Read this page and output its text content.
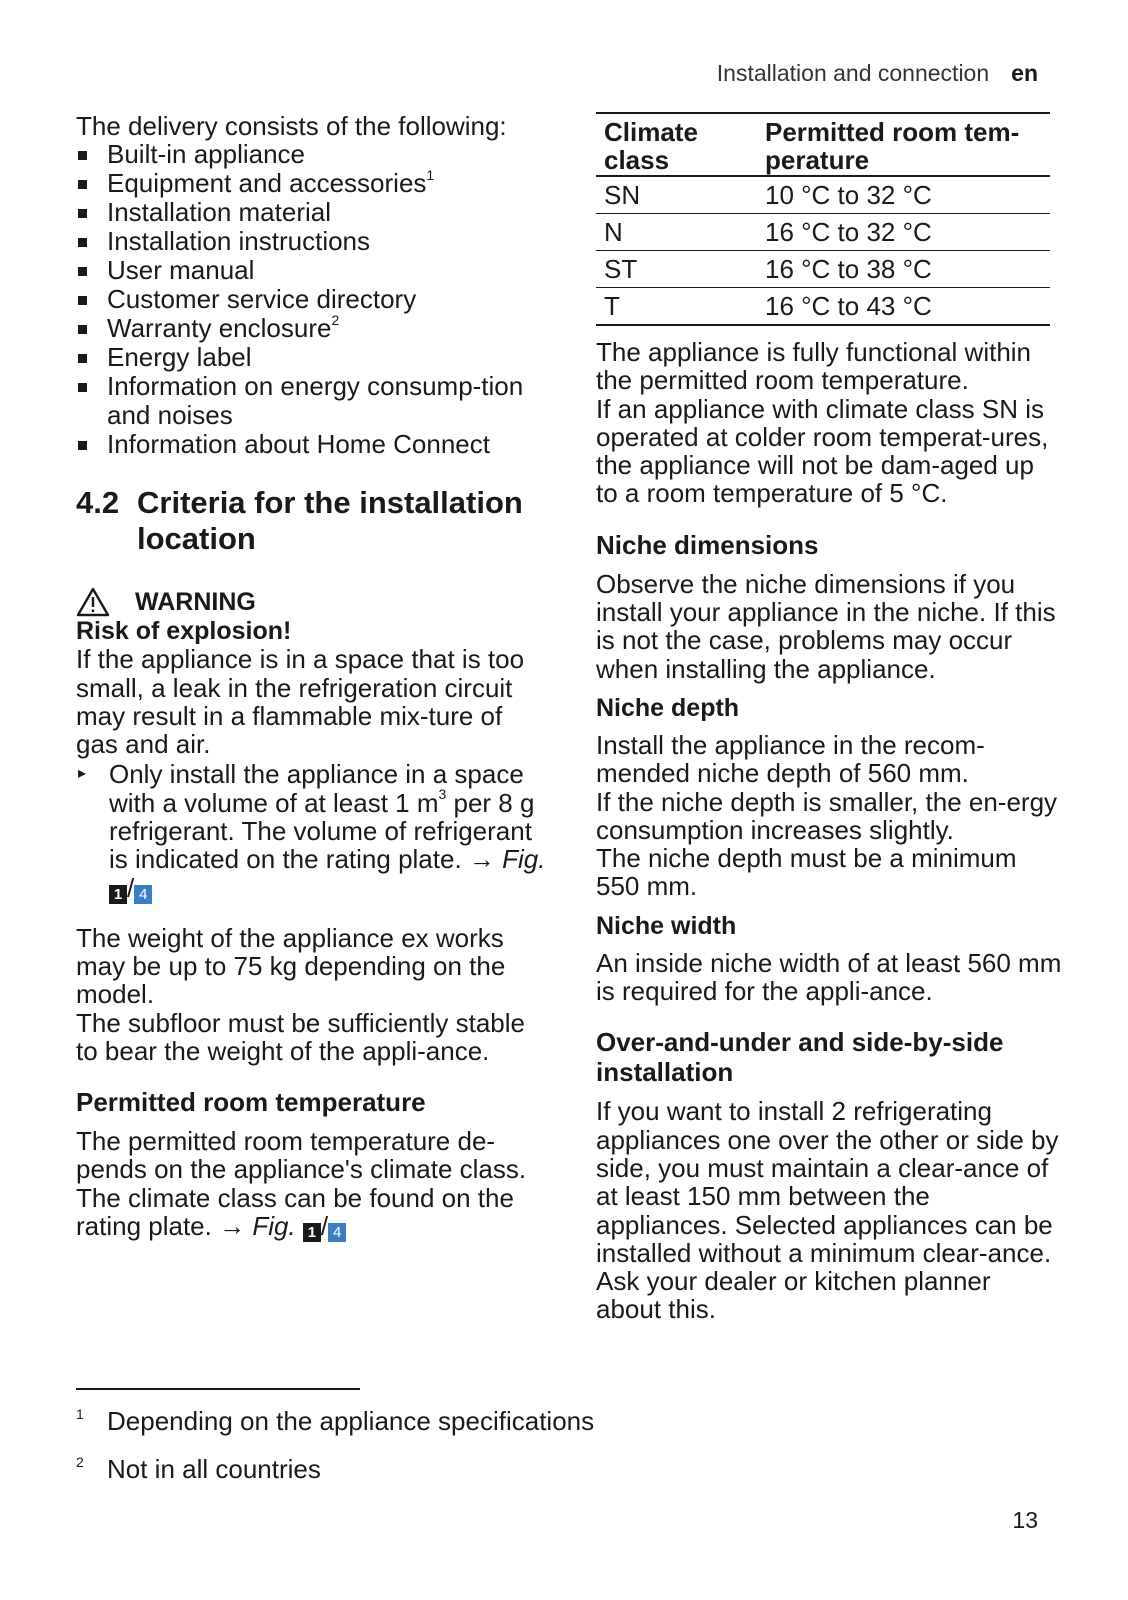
Installation and connection en

The delivery consists of the following:

Built-in appliance
Equipment and accessories$^1$
Installation material
Installation instructions
User manual
Customer service directory
Warranty enclosure$^2$
Energy label
Information on energy consump-tion and noises
Information about Home Connect
4.2 Criteria for the installation location
WARNING
Risk of explosion!

If the appliance is in a space that is too small, a leak in the refrigeration circuit may result in a flammable mix-ture of gas and air.

▸ Only install the appliance in a space with a volume of at least 1 $m^3$ per 8 g refrigerant. The volume of refrigerant is indicated on the rating plate. → Fig. 1 / 4

The weight of the appliance ex works may be up to 75 kg depending on the model.

The subfloor must be sufficiently stable to bear the weight of the appli-ance.

Permitted room temperature

The permitted room temperature de-pends on the appliance's climate class.

The climate class can be found on the rating plate. → Fig. 1 / 4

Climate class	Permitted room tem-perature
SN	10 °C to 32 °C
N	16 °C to 32 °C
ST	16 °C to 38 °C
T	16 °C to 43 °C

The appliance is fully functional within the permitted room temperature.

If an appliance with climate class SN is operated at colder room temperat-ures, the appliance will not be dam-aged up to a room temperature of 5 °C.

Niche dimensions

Observe the niche dimensions if you install your appliance in the niche. If this is not the case, problems may occur when installing the appliance.

Niche depth

Install the appliance in the recom-mended niche depth of 560 mm.

If the niche depth is smaller, the en-ergy consumption increases slightly.

The niche depth must be a minimum 550 mm.

Niche width

An inside niche width of at least 560 mm is required for the appli-ance.

Over-and-under and side-by-side installation

If you want to install 2 refrigerating appliances one over the other or side by side, you must maintain a clear-ance of at least 150 mm between the appliances. Selected appliances can be installed without a minimum clear-ance. Ask your dealer or kitchen planner about this.

1 Depending on the appliance specifications
2 Not in all countries
13
